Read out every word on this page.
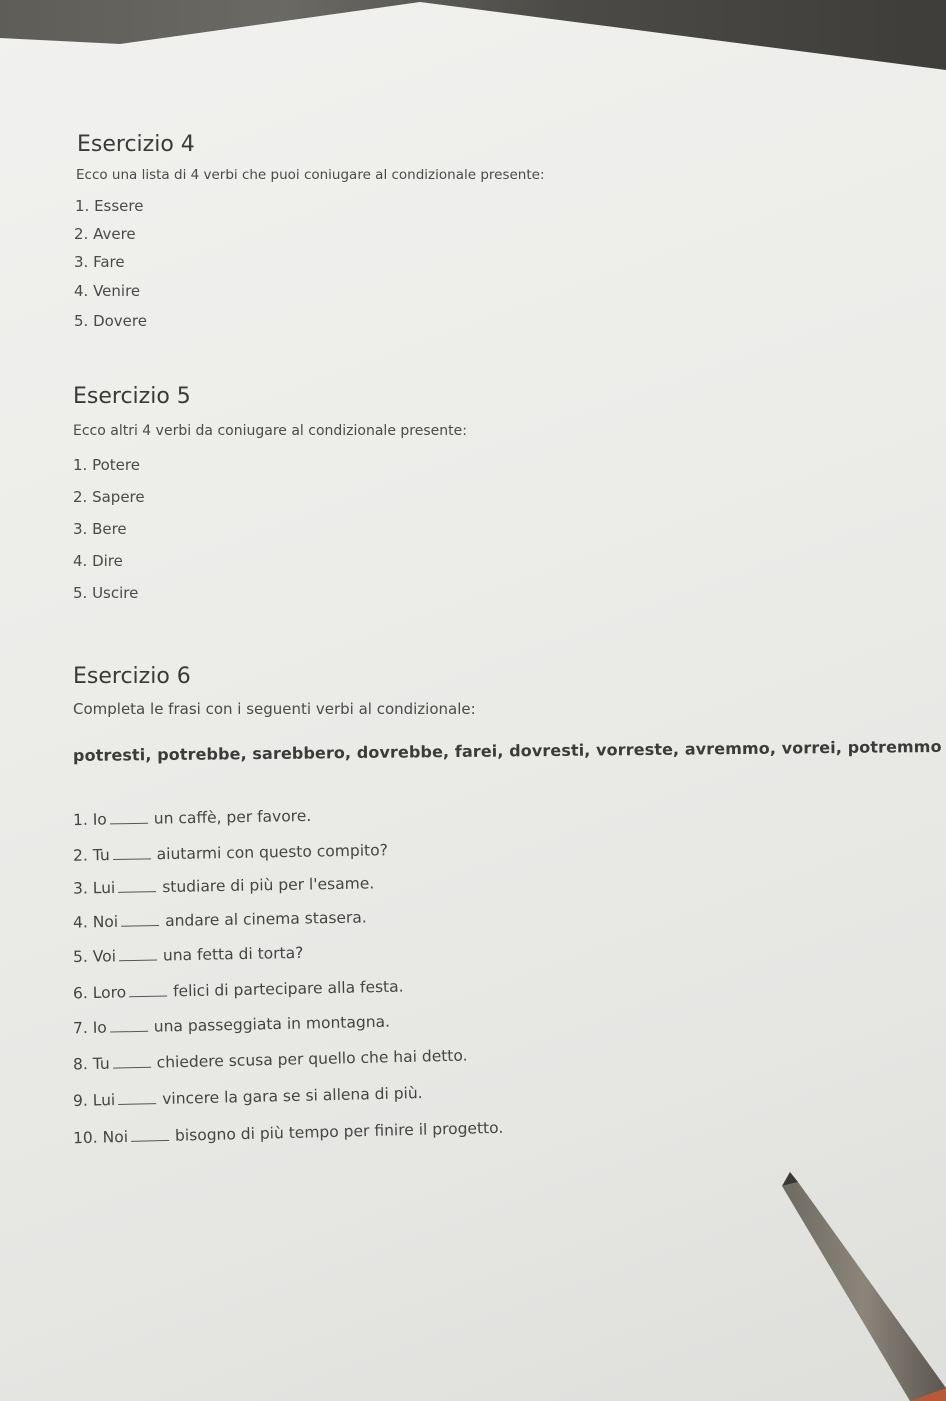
Esercizio 4
Ecco una lista di 4 verbi che puoi coniugare al condizionale presente:
1. Essere
2. Avere
3. Fare
4. Venire
5. Dovere
Esercizio 5
Ecco altri 4 verbi da coniugare al condizionale presente:
1. Potere
2. Sapere
3. Bere
4. Dire
5. Uscire
Esercizio 6
Completa le frasi con i seguenti verbi al condizionale:
potresti, potrebbe, sarebbero, dovrebbe, farei, dovresti, vorreste, avremmo, vorrei, potremmo
1. Io	un caffè, per favore.
2. Tu	aiutarmi con questo compito?
3. Lui	studiare di più per l'esame.
4. Noi	andare al cinema stasera.
5. Voi	una fetta di torta?
6. Loro	felici di partecipare alla festa.
7. Io	una passeggiata in montagna.
8. Tu	chiedere scusa per quello che hai detto.
9. Lui	vincere la gara se si allena di più.
10. Noi	bisogno di più tempo per finire il progetto.
